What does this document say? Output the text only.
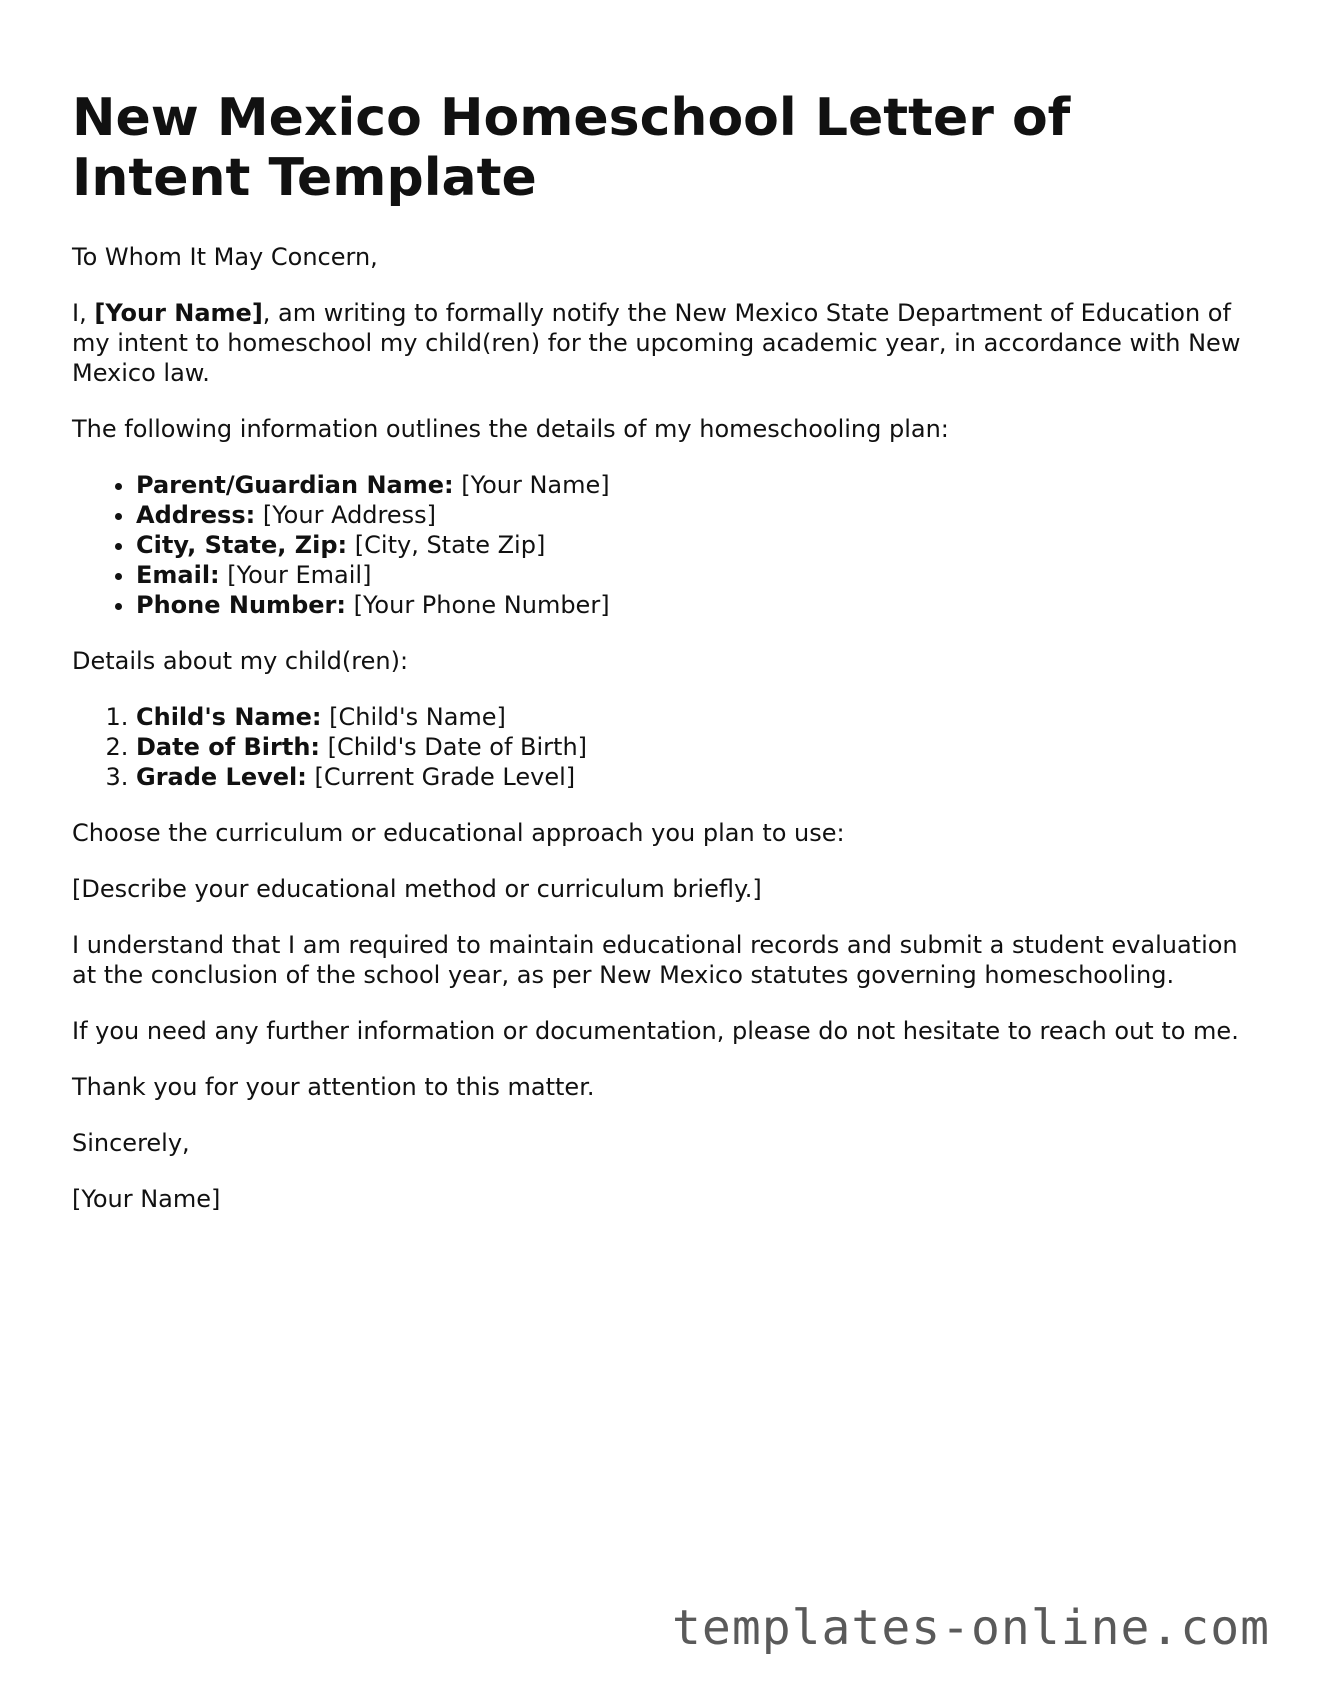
New Mexico Homeschool Letter of Intent Template

To Whom It May Concern,

I, [Your Name], am writing to formally notify the New Mexico State Department of Education of my intent to homeschool my child(ren) for the upcoming academic year, in accordance with New Mexico law.

The following information outlines the details of my homeschooling plan:

• Parent/Guardian Name: [Your Name]
• Address: [Your Address]
• City, State, Zip: [City, State Zip]
• Email: [Your Email]
• Phone Number: [Your Phone Number]

Details about my child(ren):

1. Child's Name: [Child's Name]
2. Date of Birth: [Child's Date of Birth]
3. Grade Level: [Current Grade Level]

Choose the curriculum or educational approach you plan to use:

[Describe your educational method or curriculum briefly.]

I understand that I am required to maintain educational records and submit a student evaluation at the conclusion of the school year, as per New Mexico statutes governing homeschooling.

If you need any further information or documentation, please do not hesitate to reach out to me.

Thank you for your attention to this matter.

Sincerely,

[Your Name]

templates-online.com
